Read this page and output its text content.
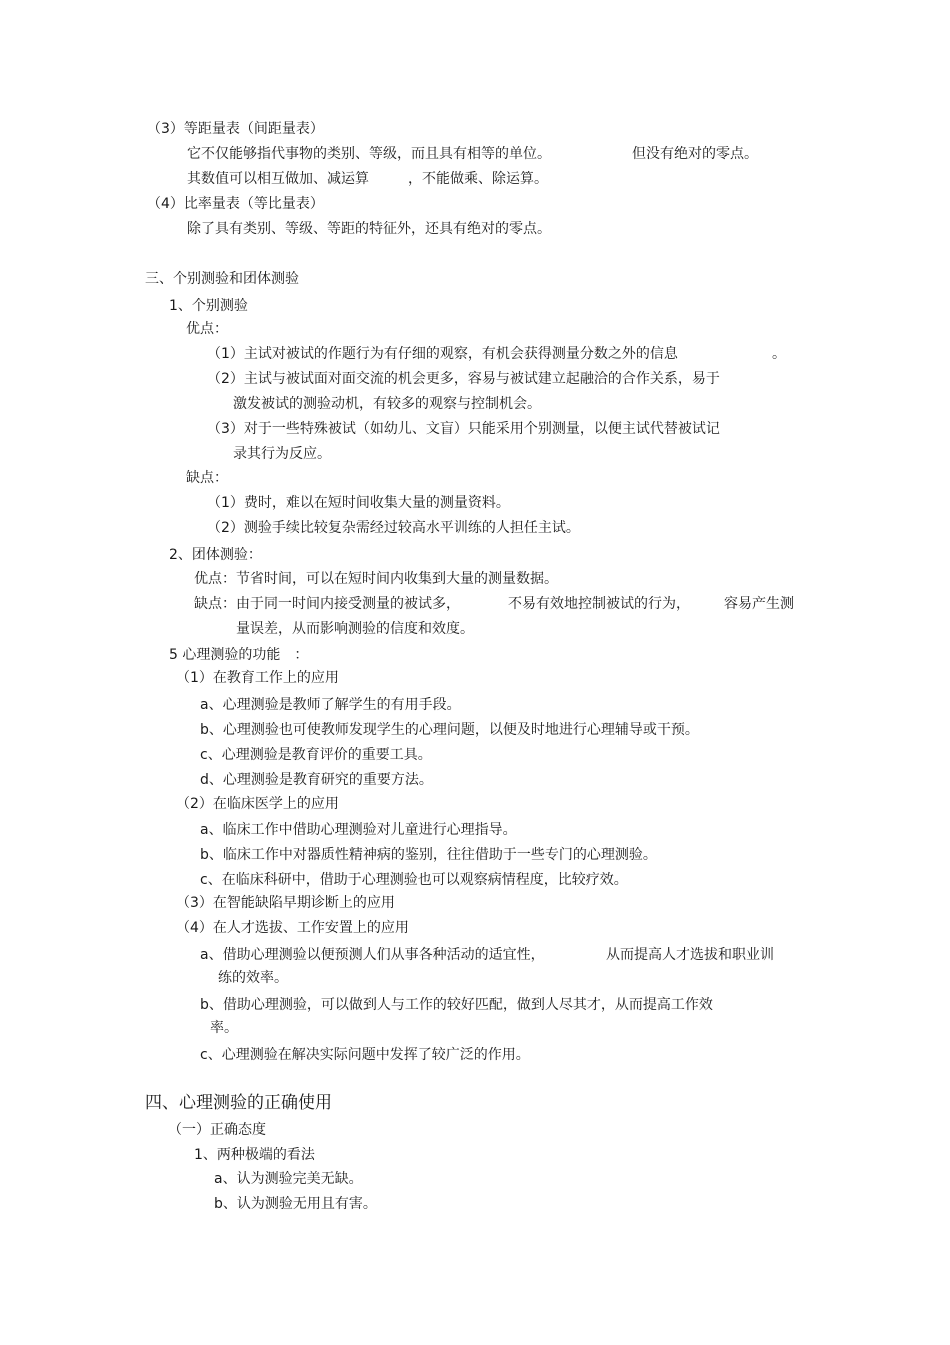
（3）等距量表（间距量表）
它不仅能够指代事物的类别、等级，而且具有相等的单位。	但没有绝对的零点。
其数值可以相互做加、减运算	，不能做乘、除运算。
（4）比率量表（等比量表）
除了具有类别、等级、等距的特征外，还具有绝对的零点。
三、个别测验和团体测验
1、个别测验
优点：
（1）主试对被试的作题行为有仔细的观察，有机会获得测量分数之外的信息	。
（2）主试与被试面对面交流的机会更多，容易与被试建立起融洽的合作关系，易于
激发被试的测验动机，有较多的观察与控制机会。
（3）对于一些特殊被试（如幼儿、文盲）只能采用个别测量，以便主试代替被试记
录其行为反应。
缺点：
（1）费时，难以在短时间收集大量的测量资料。
（2）测验手续比较复杂需经过较高水平训练的人担任主试。
2、团体测验：
优点：节省时间，可以在短时间内收集到大量的测量数据。
缺点：由于同一时间内接受测量的被试多，	不易有效地控制被试的行为， 容易产生测
量误差，从而影响测验的信度和效度。
5 心理测验的功能　：
（1）在教育工作上的应用
a、心理测验是教师了解学生的有用手段。
b、心理测验也可使教师发现学生的心理问题，以便及时地进行心理辅导或干预。
c、心理测验是教育评价的重要工具。
d、心理测验是教育研究的重要方法。
（2）在临床医学上的应用
a、临床工作中借助心理测验对儿童进行心理指导。
b、临床工作中对器质性精神病的鉴别，往往借助于一些专门的心理测验。
c、在临床科研中，借助于心理测验也可以观察病情程度，比较疗效。
（3）在智能缺陷早期诊断上的应用
（4）在人才选拔、工作安置上的应用
a、借助心理测验以便预测人们从事各种活动的适宜性，	从而提高人才选拔和职业训
练的效率。
b、借助心理测验，可以做到人与工作的较好匹配，做到人尽其才，从而提高工作效
率。
c、心理测验在解决实际问题中发挥了较广泛的作用。
四、心理测验的正确使用
（一）正确态度
1、两种极端的看法
a、认为测验完美无缺。
b、认为测验无用且有害。
